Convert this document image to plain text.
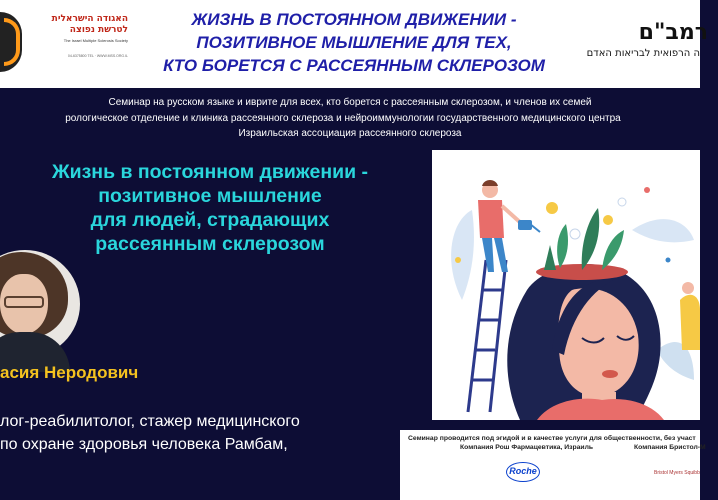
האגודה הישראלית לטרשת נפוצה
The Israel Multiple Sclerosis Society
04-6375800 TEL · WWW.MSS.ORG.IL
ЖИЗНЬ В ПОСТОЯННОМ ДВИЖЕНИИ -
ПОЗИТИВНОЕ МЫШЛЕНИЕ ДЛЯ ТЕХ,
КТО БОРЕТСЯ С РАССЕЯННЫМ СКЛЕРОЗОМ
רמב"ם
ה הרפואית לבריאות האדם
Семинар на русском языке и иврите для всех, кто борется с рассеянным склерозом, и членов их семей
рологическое отделение и клиника рассеянного склероза и нейроиммунологии государственного медицинского центра
Израильская ассоциация рассеянного склероза
Жизнь в постоянном движении -
позитивное мышление
для людей, страдающих
рассеянным склерозом
асия Неродович
лог-реабилитолог, стажер медицинского
по охране здоровья человека Рамбам,	Семинар проводится под эгидой и в качестве услуги для общественности, без участ
Компания Рош Фармацевтика, Израиль	Компания Бристол-М
Roche	Bristol Myers Squibb
